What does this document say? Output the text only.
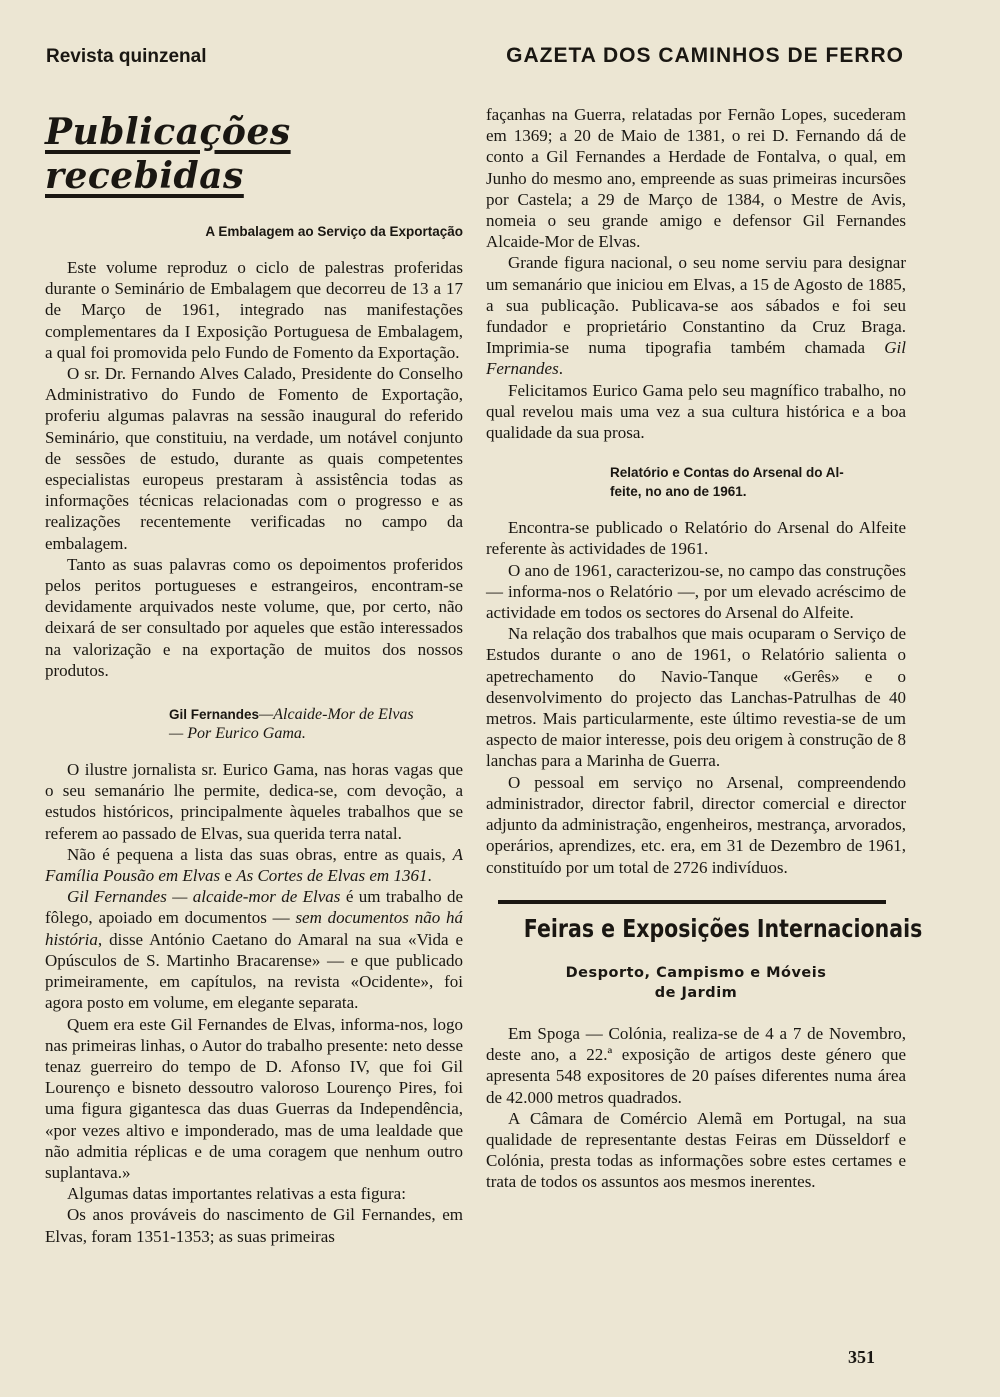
Revista quinzenal	GAZETA DOS CAMINHOS DE FERRO
Publicações recebidas
A Embalagem ao Serviço da Exportação

Este volume reproduz o ciclo de palestras proferidas durante o Seminário de Embalagem que decorreu de 13 a 17 de Março de 1961, integrado nas manifestações complementares da I Exposição Portuguesa de Embalagem, a qual foi promovida pelo Fundo de Fomento da Exportação.

O sr. Dr. Fernando Alves Calado, Presidente do Conselho Administrativo do Fundo de Fomento de Exportação, proferiu algumas palavras na sessão inaugural do referido Seminário, que constituiu, na verdade, um notável conjunto de sessões de estudo, durante as quais competentes especialistas europeus prestaram à assistência todas as informações técnicas relacionadas com o progresso e as realizações recentemente verificadas no campo da embalagem.

Tanto as suas palavras como os depoimentos proferidos pelos peritos portugueses e estrangeiros, encontram-se devidamente arquivados neste volume, que, por certo, não deixará de ser consultado por aqueles que estão interessados na valorização e na exportação de muitos dos nossos produtos.

Gil Fernandes—Alcaide-Mor de Elvas
— Por Eurico Gama.

O ilustre jornalista sr. Eurico Gama, nas horas vagas que o seu semanário lhe permite, dedica-se, com devoção, a estudos históricos, principalmente àqueles trabalhos que se referem ao passado de Elvas, sua querida terra natal.

Não é pequena a lista das suas obras, entre as quais, A Família Pousão em Elvas e As Cortes de Elvas em 1361.

Gil Fernandes — alcaide-mor de Elvas é um trabalho de fôlego, apoiado em documentos — sem documentos não há história, disse António Caetano do Amaral na sua «Vida e Opúsculos de S. Martinho Bracarense» — e que publicado primeiramente, em capítulos, na revista «Ocidente», foi agora posto em volume, em elegante separata.

Quem era este Gil Fernandes de Elvas, informa-nos, logo nas primeiras linhas, o Autor do trabalho presente: neto desse tenaz guerreiro do tempo de D. Afonso IV, que foi Gil Lourenço e bisneto dessoutro valoroso Lourenço Pires, foi uma figura gigantesca das duas Guerras da Independência, «por vezes altivo e imponderado, mas de uma lealdade que não admitia réplicas e de uma coragem que nenhum outro suplantava.»

Algumas datas importantes relativas a esta figura:

Os anos prováveis do nascimento de Gil Fernandes, em Elvas, foram 1351-1353; as suas primeiras

façanhas na Guerra, relatadas por Fernão Lopes, sucederam em 1369; a 20 de Maio de 1381, o rei D. Fernando dá de conto a Gil Fernandes a Herdade de Fontalva, o qual, em Junho do mesmo ano, empreende as suas primeiras incursões por Castela; a 29 de Março de 1384, o Mestre de Avis, nomeia o seu grande amigo e defensor Gil Fernandes Alcaide-Mor de Elvas.

Grande figura nacional, o seu nome serviu para designar um semanário que iniciou em Elvas, a 15 de Agosto de 1885, a sua publicação. Publicava-se aos sábados e foi seu fundador e proprietário Constantino da Cruz Braga. Imprimia-se numa tipografia também chamada Gil Fernandes.

Felicitamos Eurico Gama pelo seu magnífico trabalho, no qual revelou mais uma vez a sua cultura histórica e a boa qualidade da sua prosa.

Relatório e Contas do Arsenal do Al-
feite, no ano de 1961.

Encontra-se publicado o Relatório do Arsenal do Alfeite referente às actividades de 1961.

O ano de 1961, caracterizou-se, no campo das construções — informa-nos o Relatório —, por um elevado acréscimo de actividade em todos os sectores do Arsenal do Alfeite.

Na relação dos trabalhos que mais ocuparam o Serviço de Estudos durante o ano de 1961, o Relatório salienta o apetrechamento do Navio-Tanque «Gerês» e o desenvolvimento do projecto das Lanchas-Patrulhas de 40 metros. Mais particularmente, este último revestia-se de um aspecto de maior interesse, pois deu origem à construção de 8 lanchas para a Marinha de Guerra.

O pessoal em serviço no Arsenal, compreendendo administrador, director fabril, director comercial e director adjunto da administração, engenheiros, mestrança, arvorados, operários, aprendizes, etc. era, em 31 de Dezembro de 1961, constituído por um total de 2726 indivíduos.

Feiras e Exposições Internacionais
Desporto, Campismo e Móveis
de Jardim

Em Spoga — Colónia, realiza-se de 4 a 7 de Novembro, deste ano, a 22.ª exposição de artigos deste género que apresenta 548 expositores de 20 países diferentes numa área de 42.000 metros quadrados.

A Câmara de Comércio Alemã em Portugal, na sua qualidade de representante destas Feiras em Düsseldorf e Colónia, presta todas as informações sobre estes certames e trata de todos os assuntos aos mesmos inerentes.

351
